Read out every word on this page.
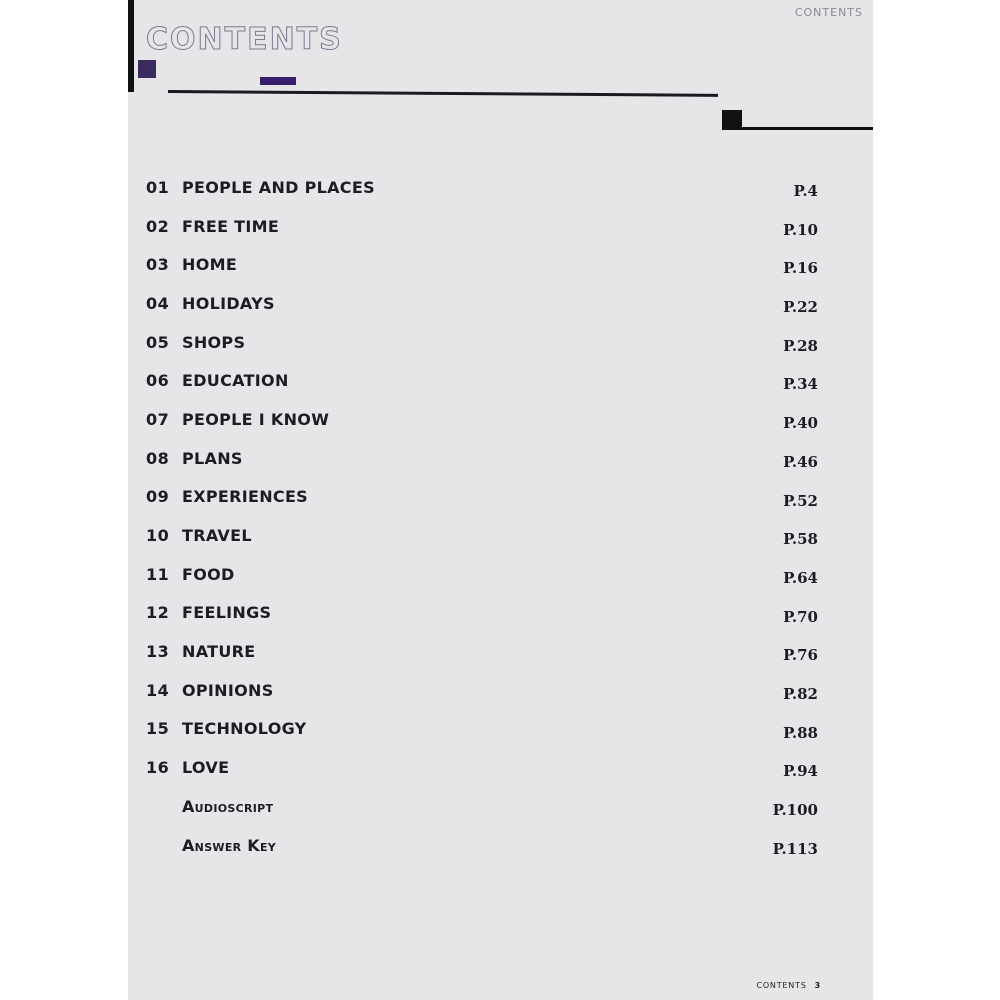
CONTENTS
CONTENTS
01 PEOPLE AND PLACES	P.4
02 FREE TIME	P.10
03 HOME	P.16
04 HOLIDAYS	P.22
05 SHOPS	P.28
06 EDUCATION	P.34
07 PEOPLE I KNOW	P.40
08 PLANS	P.46
09 EXPERIENCES	P.52
10 TRAVEL	P.58
11 FOOD	P.64
12 FEELINGS	P.70
13 NATURE	P.76
14 OPINIONS	P.82
15 TECHNOLOGY	P.88
16 LOVE	P.94
Audioscript	P.100
Answer Key	P.113
CONTENTS 3
